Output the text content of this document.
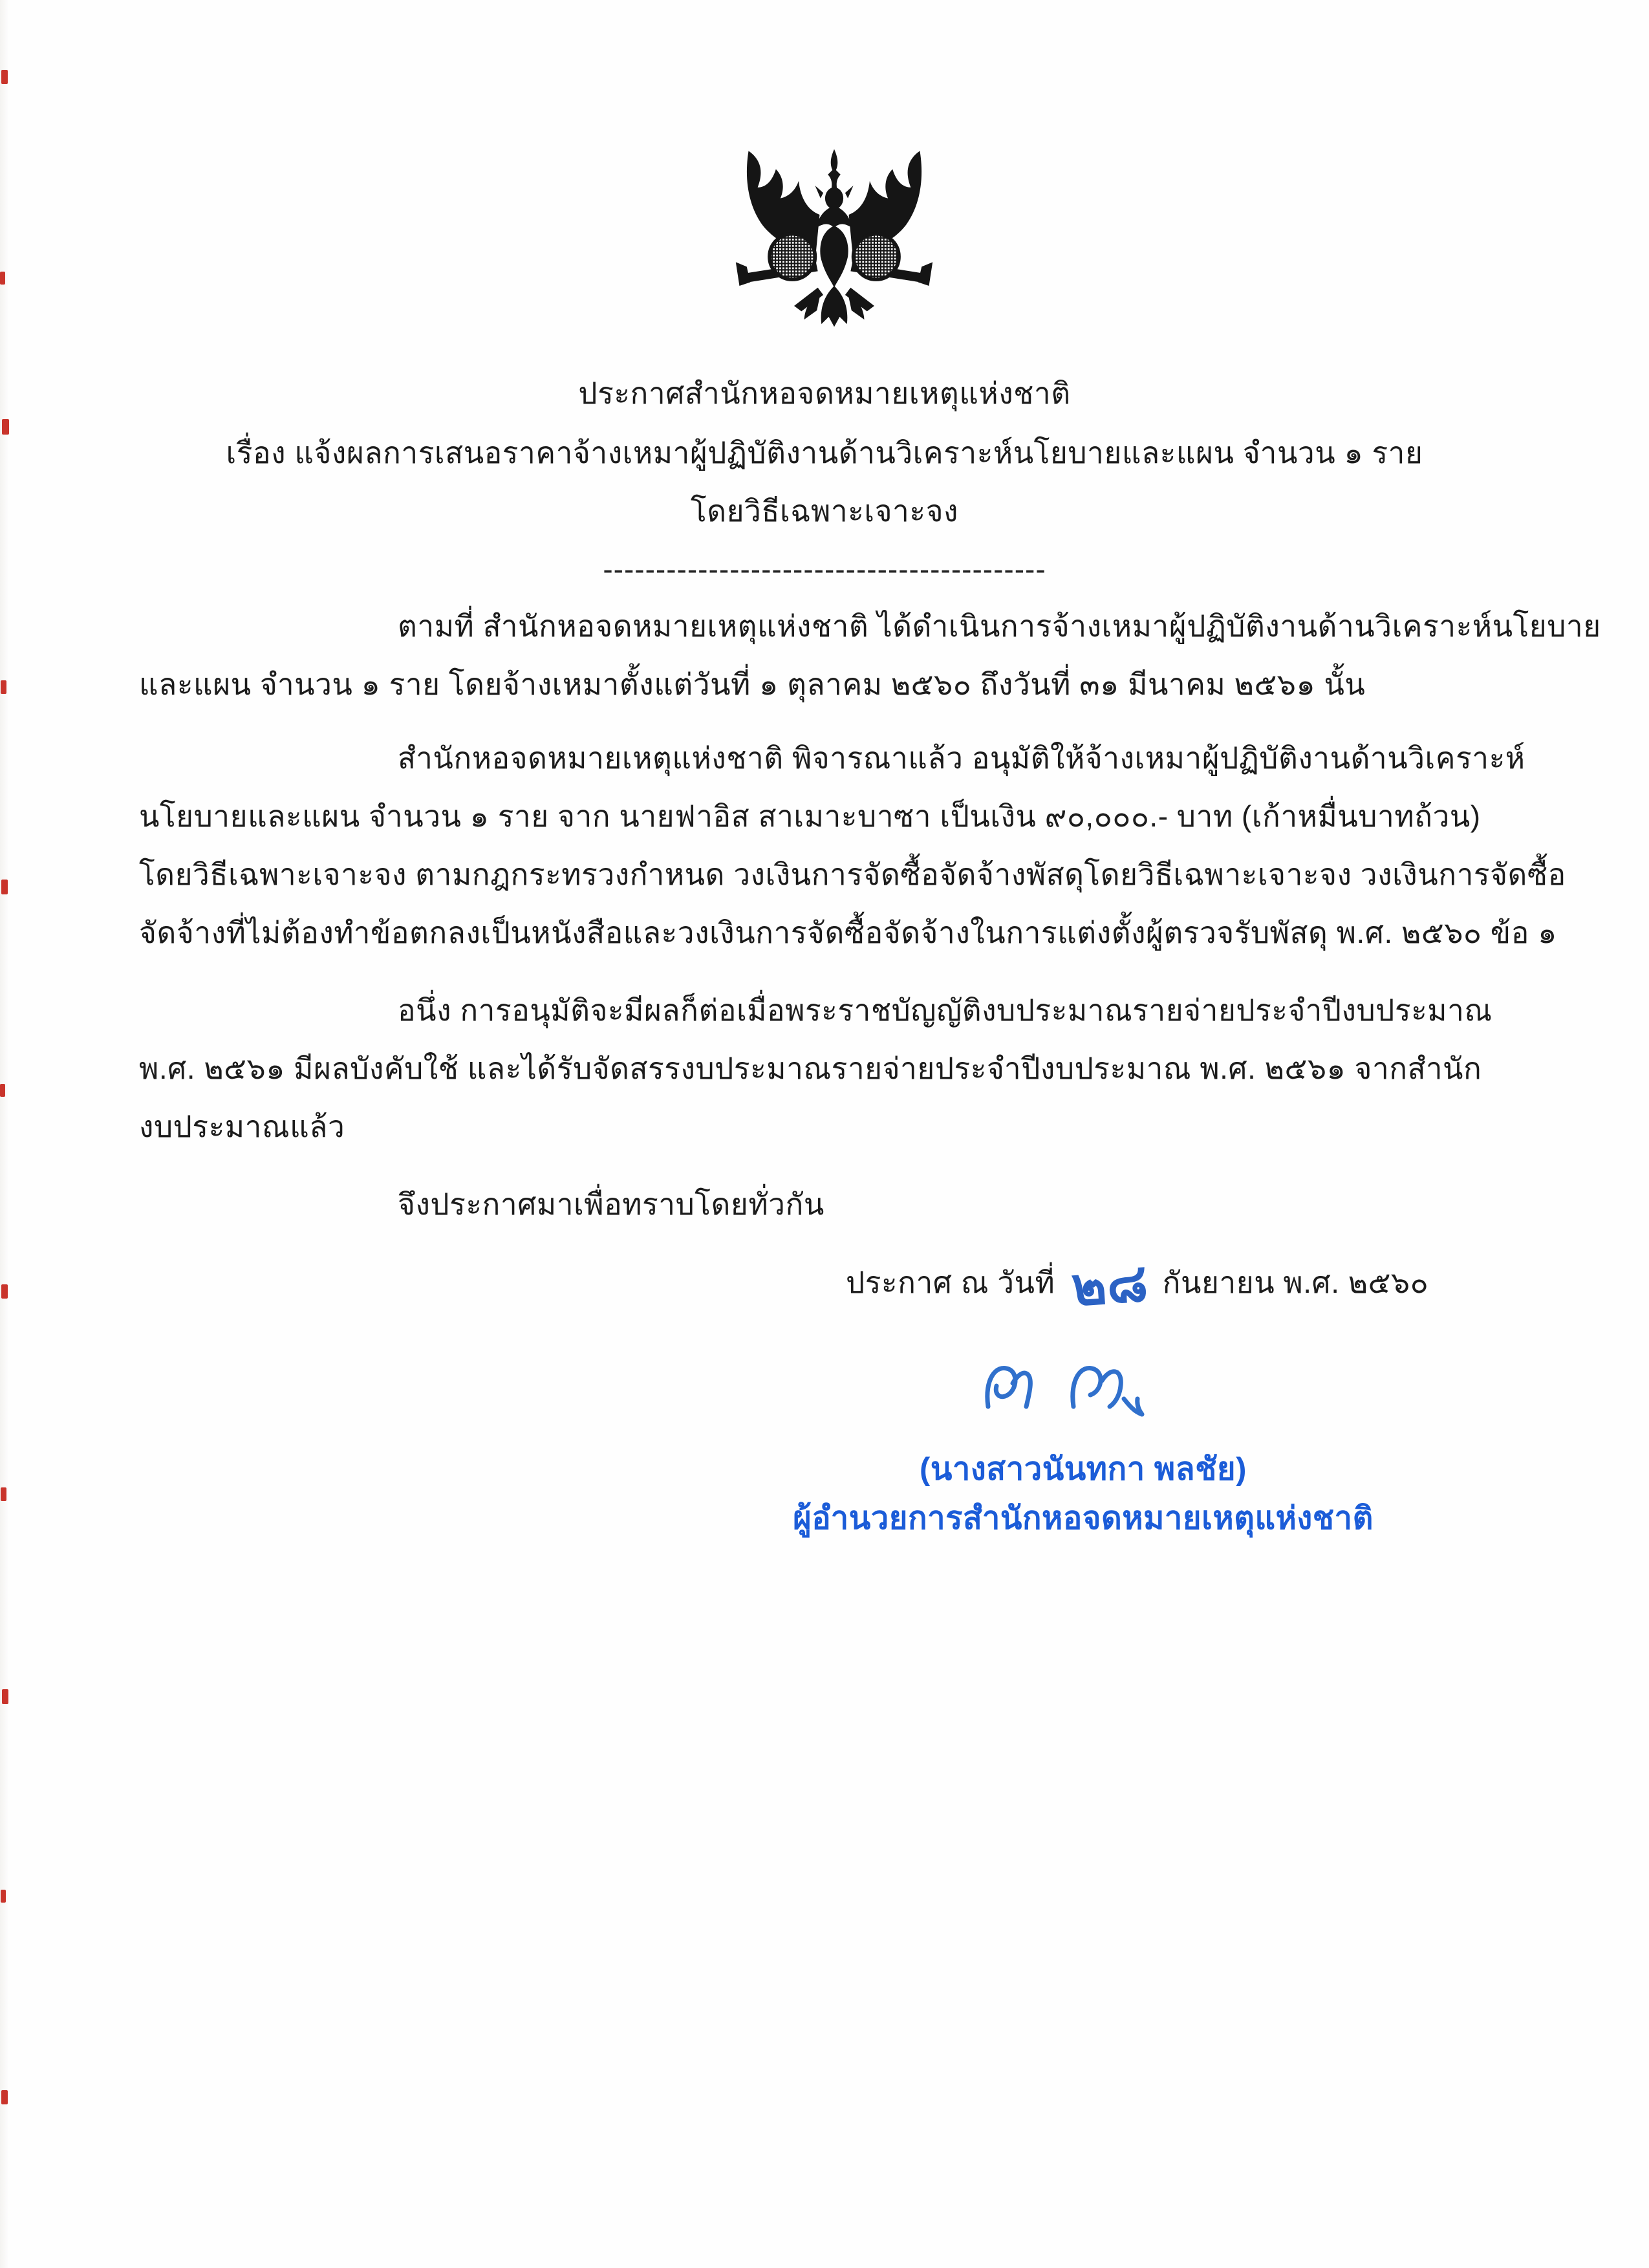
ประกาศสำนักหอจดหมายเหตุแห่งชาติ
เรื่อง แจ้งผลการเสนอราคาจ้างเหมาผู้ปฏิบัติงานด้านวิเคราะห์นโยบายและแผน จำนวน ๑ ราย
โดยวิธีเฉพาะเจาะจง
------------------------------------------
ตามที่ สำนักหอจดหมายเหตุแห่งชาติ ได้ดำเนินการจ้างเหมาผู้ปฏิบัติงานด้านวิเคราะห์นโยบาย
และแผน จำนวน ๑ ราย โดยจ้างเหมาตั้งแต่วันที่ ๑ ตุลาคม ๒๕๖๐ ถึงวันที่ ๓๑ มีนาคม ๒๕๖๑ นั้น
สำนักหอจดหมายเหตุแห่งชาติ พิจารณาแล้ว อนุมัติให้จ้างเหมาผู้ปฏิบัติงานด้านวิเคราะห์
นโยบายและแผน จำนวน ๑ ราย จาก นายฟาอิส สาเมาะบาซา เป็นเงิน ๙๐,๐๐๐.- บาท (เก้าหมื่นบาทถ้วน)
โดยวิธีเฉพาะเจาะจง ตามกฎกระทรวงกำหนด วงเงินการจัดซื้อจัดจ้างพัสดุโดยวิธีเฉพาะเจาะจง วงเงินการจัดซื้อ
จัดจ้างที่ไม่ต้องทำข้อตกลงเป็นหนังสือและวงเงินการจัดซื้อจัดจ้างในการแต่งตั้งผู้ตรวจรับพัสดุ พ.ศ. ๒๕๖๐ ข้อ ๑
อนึ่ง การอนุมัติจะมีผลก็ต่อเมื่อพระราชบัญญัติงบประมาณรายจ่ายประจำปีงบประมาณ
พ.ศ. ๒๕๖๑ มีผลบังคับใช้ และได้รับจัดสรรงบประมาณรายจ่ายประจำปีงบประมาณ พ.ศ. ๒๕๖๑ จากสำนัก
งบประมาณแล้ว
จึงประกาศมาเพื่อทราบโดยทั่วกัน
ประกาศ ณ วันที่ ๒๘ กันยายน พ.ศ. ๒๕๖๐
(นางสาวนันทกา พลชัย)
ผู้อำนวยการสำนักหอจดหมายเหตุแห่งชาติ
